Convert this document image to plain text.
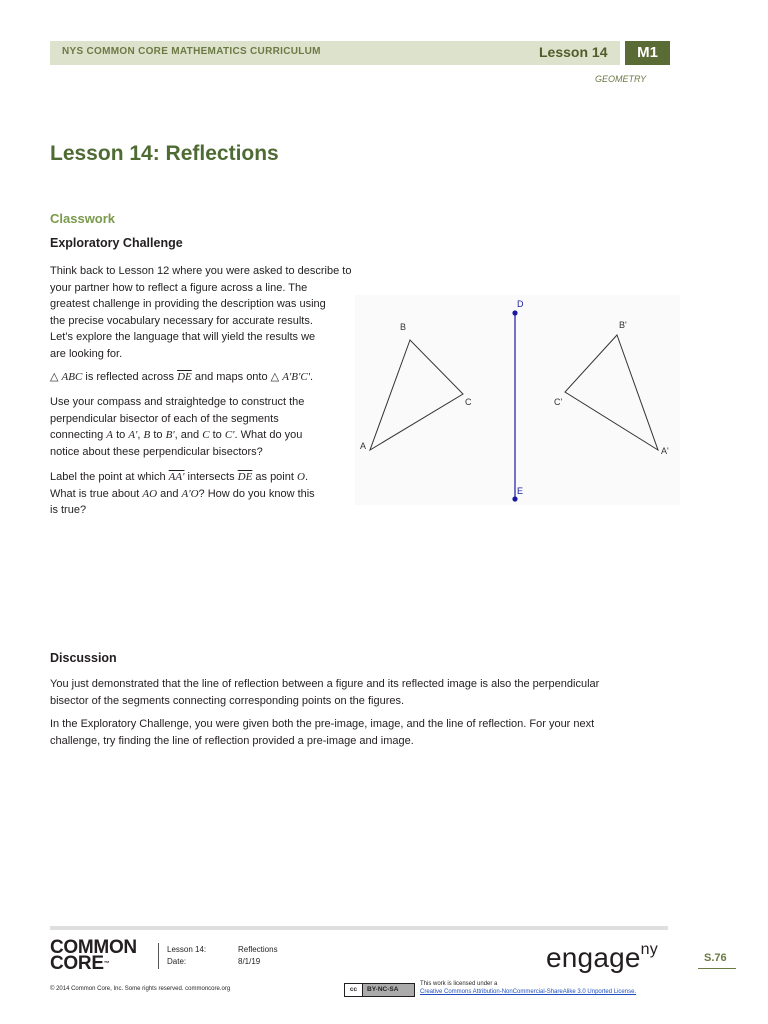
NYS COMMON CORE MATHEMATICS CURRICULUM	Lesson 14	M1
GEOMETRY
Lesson 14: Reflections
Classwork
Exploratory Challenge
Think back to Lesson 12 where you were asked to describe to
your partner how to reflect a figure across a line. The
greatest challenge in providing the description was using
the precise vocabulary necessary for accurate results.
Let’s explore the language that will yield the results we
are looking for.
△ ABC is reflected across $\overline{DE}$ and maps onto △ A'B'C'.
Use your compass and straightedge to construct the
perpendicular bisector of each of the segments
connecting A to A', B to B', and C to C'. What do you
notice about these perpendicular bisectors?
Label the point at which AA' intersects $\overline{DE}$ as point O.
What is true about AO and A'O? How do you know this
is true?
D
E
B
A
C
B'
A'
C'
Discussion
You just demonstrated that the line of reflection between a figure and its reflected image is also the perpendicular
bisector of the segments connecting corresponding points on the figures.
In the Exploratory Challenge, you were given both the pre-image, image, and the line of reflection. For your next
challenge, try finding the line of reflection provided a pre-image and image.
COMMON
CORE™
Lesson 14:	Reflections
Date:	8/1/19	engage$^{ny}$	S.76
© 2014 Common Core, Inc. Some rights reserved. commoncore.org	cc BY-NC-SA
This work is licensed under a
Creative Commons Attribution-NonCommercial-ShareAlike 3.0 Unported License.
